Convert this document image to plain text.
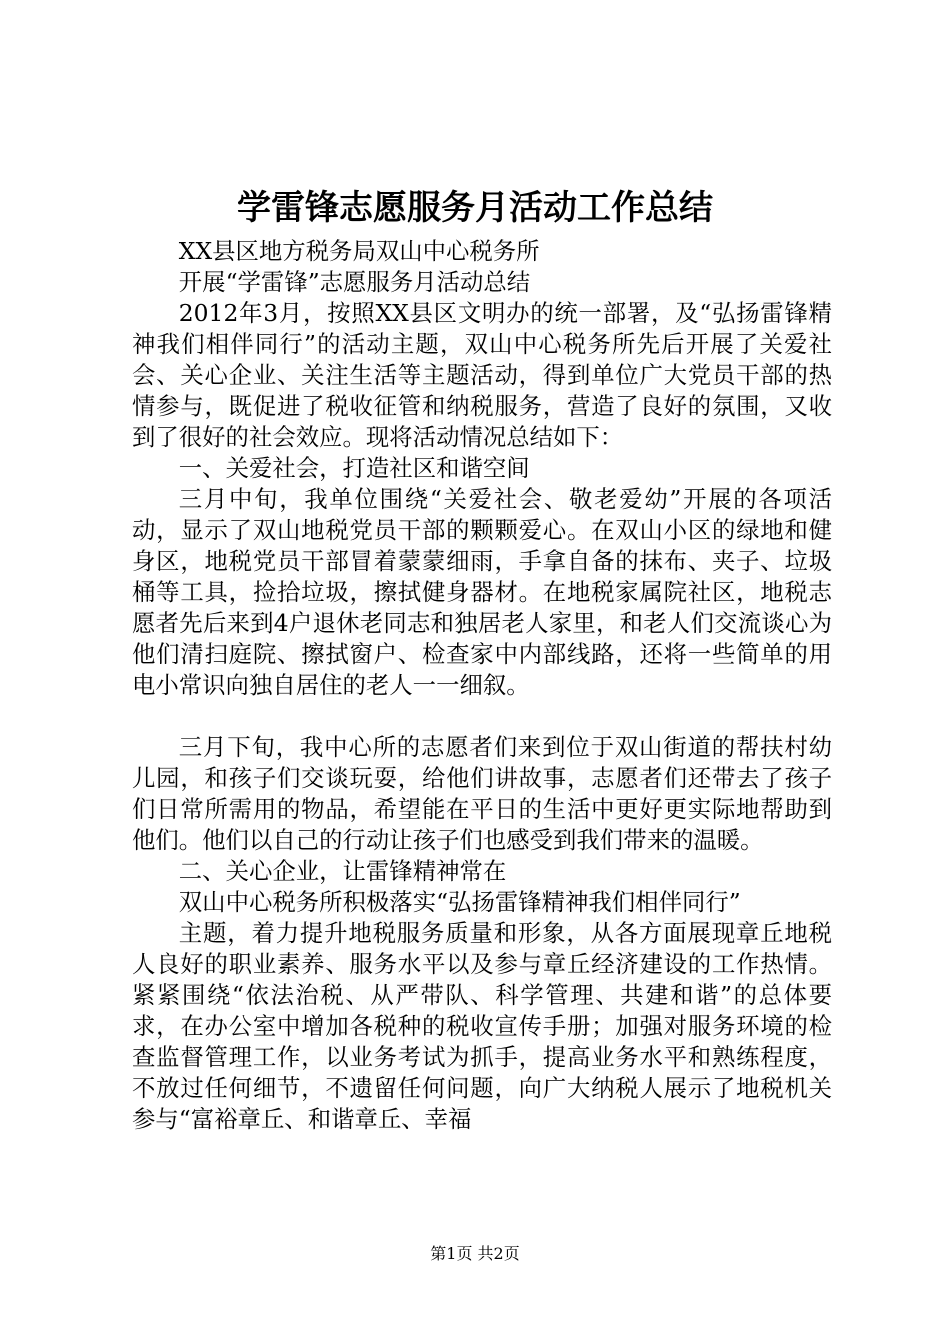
学雷锋志愿服务月活动工作总结

XX县区地方税务局双山中心税务所

开展“学雷锋”志愿服务月活动总结

2012年3月，按照XX县区文明办的统一部署，及“弘扬雷锋精神我们相伴同行”的活动主题，双山中心税务所先后开展了关爱社会、关心企业、关注生活等主题活动，得到单位广大党员干部的热情参与，既促进了税收征管和纳税服务，营造了良好的氛围，又收到了很好的社会效应。现将活动情况总结如下：

一、关爱社会，打造社区和谐空间

三月中旬，我单位围绕“关爱社会、敬老爱幼”开展的各项活动，显示了双山地税党员干部的颗颗爱心。在双山小区的绿地和健身区，地税党员干部冒着蒙蒙细雨，手拿自备的抹布、夹子、垃圾桶等工具，捡拾垃圾，擦拭健身器材。在地税家属院社区，地税志愿者先后来到4户退休老同志和独居老人家里，和老人们交流谈心为他们清扫庭院、擦拭窗户、检查家中内部线路，还将一些简单的用电小常识向独自居住的老人一一细叙。

三月下旬，我中心所的志愿者们来到位于双山街道的帮扶村幼儿园，和孩子们交谈玩耍，给他们讲故事，志愿者们还带去了孩子们日常所需用的物品，希望能在平日的生活中更好更实际地帮助到他们。他们以自己的行动让孩子们也感受到我们带来的温暖。

二、关心企业，让雷锋精神常在

双山中心税务所积极落实“弘扬雷锋精神我们相伴同行”

主题，着力提升地税服务质量和形象，从各方面展现章丘地税人良好的职业素养、服务水平以及参与章丘经济建设的工作热情。紧紧围绕“依法治税、从严带队、科学管理、共建和谐”的总体要求，在办公室中增加各税种的税收宣传手册；加强对服务环境的检查监督管理工作，以业务考试为抓手，提高业务水平和熟练程度，不放过任何细节，不遗留任何问题，向广大纳税人展示了地税机关参与“富裕章丘、和谐章丘、幸福

第1页 共2页
